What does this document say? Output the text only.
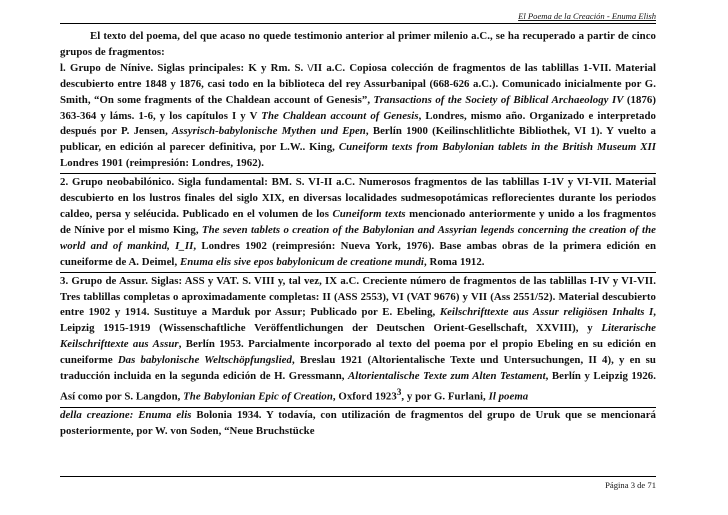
El Poema de la Creación - Enuma Elish

El texto del poema, del que acaso no quede testimonio anterior al primer milenio a.C., se ha recuperado a partir de cinco grupos de fragmentos:

l. Grupo de Nínive. Siglas principales: K y Rm. S. \/II a.C. Copiosa colección de fragmentos de las tablillas 1-VII. Material descubierto entre 1848 y 1876, casi todo en la biblioteca del rey Assurbanipal (668-626 a.C.). Comunicado inicialmente por G. Smith, “On some fragments of the Chaldean account of Genesis”, Transactions of the Society of Biblical Archaeology IV (1876) 363-364 y láms. 1-6, y los capítulos I y V The Chaldean account of Genesis, Londres, mismo año. Organizado e interpretado después por P. Jensen, Assyrisch-babylonische Mythen und Epen, Berlín 1900 (Keilinschlitlichte Bibliothek, VI 1). Y vuelto a publicar, en edición al parecer definitiva, por L.W.. King, Cuneiform texts from Babylonian tablets in the British Museum XII Londres 1901 (reimpresión: Londres, 1962).

2. Grupo neobabilónico. Sigla fundamental: BM. S. VI-II a.C. Numerosos fragmentos de las tablillas I-1V y VI-VII. Material descubierto en los lustros finales del siglo XIX, en diversas localidades sudmesopotámicas reflorecientes durante los periodos caldeo, persa y seléucida. Publicado en el volumen de los Cuneiform texts mencionado anteriormente y unido a los fragmentos de Nínive por el mismo King, The seven tablets o creation of the Babylonian and Assyrian legends concerning the creation of the world and of mankind, I_II, Londres 1902 (reimpresión: Nueva York, 1976). Base ambas obras de la primera edición en cuneiforme de A. Deimel, Enuma elis sive epos babylonicum de creatione mundi, Roma 1912.

3. Grupo de Assur. Siglas: ASS y VAT. S. VIII y, tal vez, IX a.C. Creciente número de fragmentos de las tablillas I-IV y VI-VII. Tres tablillas completas o aproximadamente completas: II (ASS 2553), VI (VAT 9676) y VII (Ass 2551/52). Material descubierto entre 1902 y 1914. Sustituye a Marduk por Assur; Publicado por E. Ebeling, Keilschrifttexte aus Assur religiösen Inhalts I, Leipzig 1915-1919 (Wissenschaftliche Veröffentlichungen der Deutschen Orient-Gesellschaft, XXVIII), y Literarische Keilschrifttexte aus Assur, Berlín 1953. Parcialmente incorporado al texto del poema por el propio Ebeling en su edición en cuneiforme Das babylonische Weltschöpfungslied, Breslau 1921 (Altorientalische Texte und Untersuchungen, II 4), y en su traducción incluida en la segunda edición de H. Gressmann, Altorientalische Texte zum Alten Testament, Berlín y Leipzig 1926. Así como por S. Langdon, The Babylonian Epic of Creation, Oxford 1923$^3$, y por G. Furlani, Il poema

della creazione: Enuma elis Bolonia 1934. Y todavía, con utilización de fragmentos del grupo de Uruk que se mencionará posteriormente, por W. von Soden, “Neue Bruchstücke

Página 3 de 71
